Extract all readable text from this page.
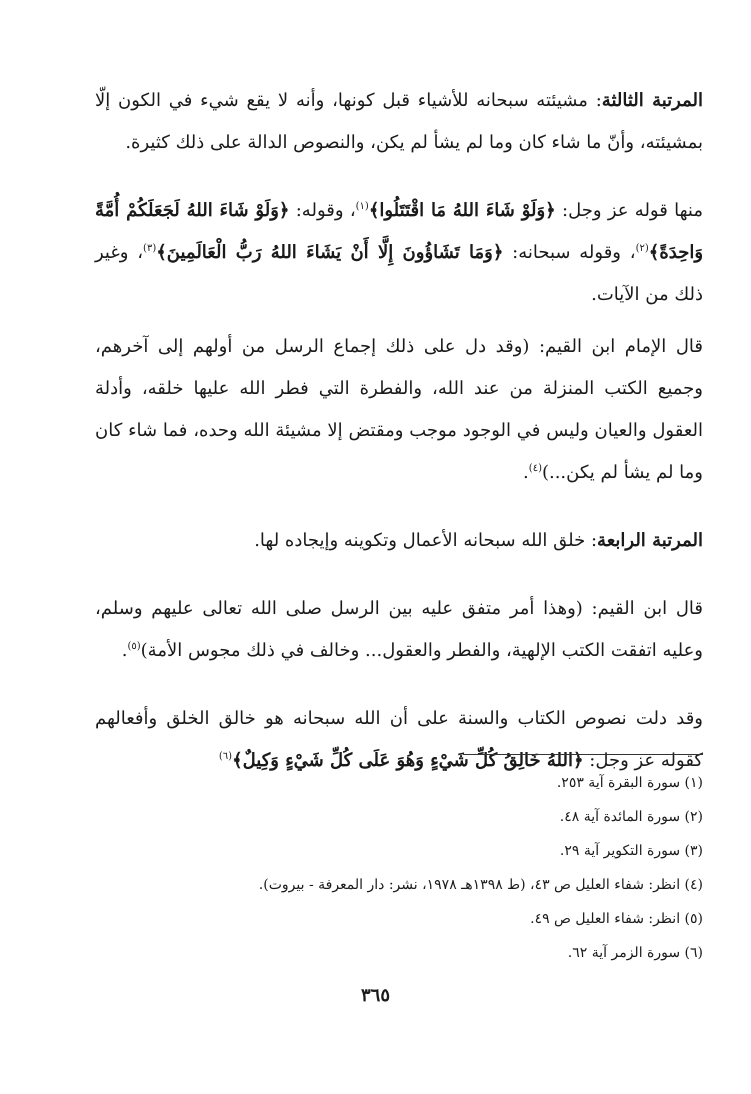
المرتبة الثالثة: مشيئته سبحانه للأشياء قبل كونها، وأنه لا يقع شيء في الكون إلّا بمشيئته، وأنّ ما شاء كان وما لم يشأ لم يكن، والنصوص الدالة على ذلك كثيرة.

منها قوله عز وجل: ﴿وَلَوْ شَاءَ اللهُ مَا اقْتَتَلُوا﴾$^{(١)}$، وقوله: ﴿وَلَوْ شَاءَ اللهُ لَجَعَلَكُمْ أُمَّةً وَاحِدَةً﴾$^{(٢)}$، وقوله سبحانه: ﴿وَمَا تَشَاؤُونَ إِلَّا أَنْ يَشَاءَ اللهُ رَبُّ الْعَالَمِينَ﴾$^{(٣)}$، وغير ذلك من الآيات.

قال الإمام ابن القيم: (وقد دل على ذلك إجماع الرسل من أولهم إلى آخرهم، وجميع الكتب المنزلة من عند الله، والفطرة التي فطر الله عليها خلقه، وأدلة العقول والعيان وليس في الوجود موجب ومقتض إلا مشيئة الله وحده، فما شاء كان وما لم يشأ لم يكن...)$^{(٤)}$.

المرتبة الرابعة: خلق الله سبحانه الأعمال وتكوينه وإيجاده لها.

قال ابن القيم: (وهذا أمر متفق عليه بين الرسل صلى الله تعالى عليهم وسلم، وعليه اتفقت الكتب الإلهية، والفطر والعقول... وخالف في ذلك مجوس الأمة)$^{(٥)}$.

وقد دلت نصوص الكتاب والسنة على أن الله سبحانه هو خالق الخلق وأفعالهم كقوله عز وجل: ﴿اللهُ خَالِقُ كُلِّ شَيْءٍ وَهُوَ عَلَى كُلِّ شَيْءٍ وَكِيلٌ﴾$^{(٦)}$

(١) سورة البقرة آية ٢٥٣.

(٢) سورة المائدة آية ٤٨.

(٣) سورة التكوير آية ٢٩.

(٤) انظر: شفاء العليل ص ٤٣، (ط ١٣٩٨هـ ١٩٧٨، نشر: دار المعرفة - بيروت).

(٥) انظر: شفاء العليل ص ٤٩.

(٦) سورة الزمر آية ٦٢.

٣٦٥
